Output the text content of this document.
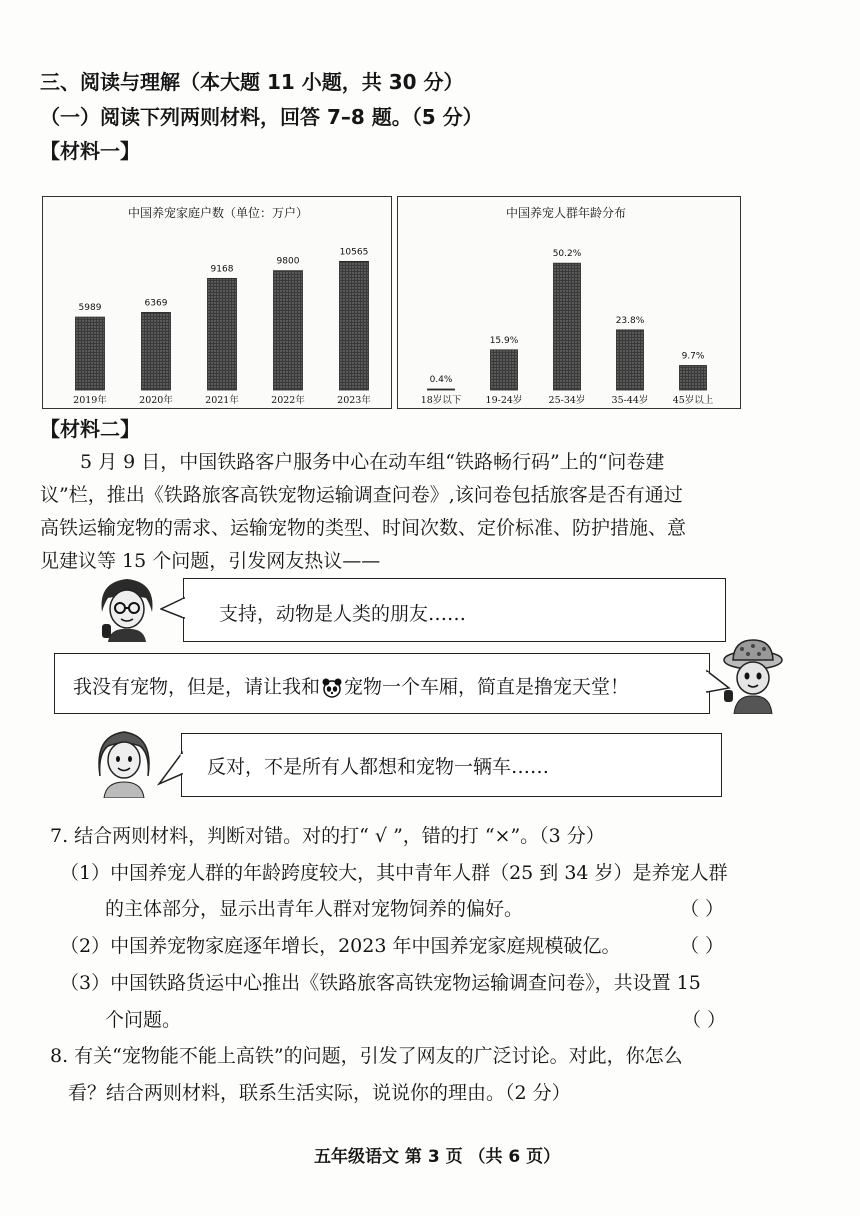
三、阅读与理解（本大题 11 小题，共 30 分）
（一）阅读下列两则材料，回答 7–8 题。（5 分）
【材料一】
中国养宠家庭户数（单位：万户）
5989
2019年
6369
2020年
9168
2021年
9800
2022年
10565
2023年
中国养宠人群年龄分布
0.4%
18岁以下
15.9%
19-24岁
50.2%
25-34岁
23.8%
35-44岁
9.7%
45岁以上
【材料二】
5 月 9 日，中国铁路客户服务中心在动车组“铁路畅行码”上的“问卷建
议”栏，推出《铁路旅客高铁宠物运输调查问卷》,该问卷包括旅客是否有通过
高铁运输宠物的需求、运输宠物的类型、时间次数、定价标准、防护措施、意
见建议等 15 个问题，引发网友热议——
支持，动物是人类的朋友……
我没有宠物，但是，请让我和 宠物一个车厢，简直是撸宠天堂！
反对，不是所有人都想和宠物一辆车……
7. 结合两则材料，判断对错。对的打“ √ ”，错的打 “×”。（3 分）
（1）中国养宠人群的年龄跨度较大，其中青年人群（25 到 34 岁）是养宠人群
的主体部分，显示出青年人群对宠物饲养的偏好。	（ ）
（2）中国养宠物家庭逐年增长，2023 年中国养宠家庭规模破亿。	（ ）
（3）中国铁路货运中心推出《铁路旅客高铁宠物运输调查问卷》，共设置 15
个问题。	（ ）
8. 有关“宠物能不能上高铁”的问题，引发了网友的广泛讨论。对此，你怎么
看？结合两则材料，联系生活实际，说说你的理由。（2 分）
五年级语文 第 3 页 （共 6 页）
